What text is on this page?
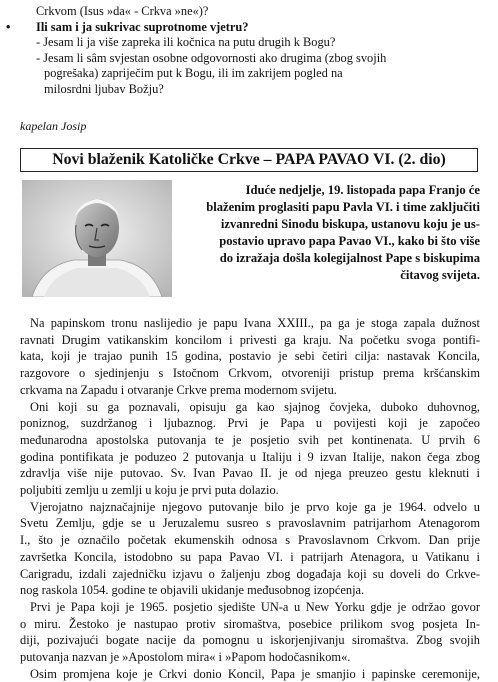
Crkvom (Isus »da« - Crkva »ne«)?
• Ili sam i ja sukrivac suprotnome vjetru?
- Jesam li ja više zapreka ili kočnica na putu drugih k Bogu?
- Jesam li sâm svjestan osobne odgovornosti ako drugima (zbog svojih
pogrešaka) zapriječim put k Bogu, ili im zakrijem pogled na
milosrdni ljubav Božju?
kapelan Josip
Novi blaženik Katoličke Crkve – PAPA PAVAO VI. (2. dio)
Iduće nedjelje, 19. listopada papa Franjo će
blaženim proglasiti papu Pavla VI. i time zaključiti
izvanredni Sinodu biskupa, ustanovu koju je us-
postavio upravo papa Pavao VI., kako bi što više
do izražaja došla kolegijalnost Pape s biskupima
čitavog svijeta.
Na papinskom tronu naslijedio je papu Ivana XXIII., pa ga je stoga zapala dužnost
ravnati Drugim vatikanskim koncilom i privesti ga kraju. Na početku svoga pontifi-
kata, koji je trajao punih 15 godina, postavio je sebi četiri cilja: nastavak Koncila,
razgovore o sjedinjenju s Istočnom Crkvom, otvoreniji pristup prema kršćanskim
crkvama na Zapadu i otvaranje Crkve prema modernom svijetu.
Oni koji su ga poznavali, opisuju ga kao sjajnog čovjeka, duboko duhovnog,
poniznog, suzdržanog i ljubaznog. Prvi je Papa u povijesti koji je započeo
međunarodna apostolska putovanja te je posjetio svih pet kontinenata. U prvih 6
godina pontifikata je poduzeo 2 putovanja u Italiju i 9 izvan Italije, nakon čega zbog
zdravlja više nije putovao. Sv. Ivan Pavao II. je od njega preuzeo gestu kleknuti i
poljubiti zemlju u zemlji u koju je prvi puta dolazio.
Vjerojatno najznačajnije njegovo putovanje bilo je prvo koje ga je 1964. odvelo u
Svetu Zemlju, gdje se u Jeruzalemu susreo s pravoslavnim patrijarhom Atenagorom
I., što je označilo početak ekumenskih odnosa s Pravoslavnom Crkvom. Dan prije
završetka Koncila, istodobno su papa Pavao VI. i patrijarh Atenagora, u Vatikanu i
Carigradu, izdali zajedničku izjavu o žaljenju zbog događaja koji su doveli do Crkve-
nog raskola 1054. godine te objavili ukidanje međusobnog izopćenja.
Prvi je Papa koji je 1965. posjetio sjedište UN-a u New Yorku gdje je održao govor
o miru. Žestoko je nastupao protiv siromaštva, posebice prilikom svog posjeta In-
diji, pozivajući bogate nacije da pomognu u iskorjenjivanju siromaštva. Zbog svojih
putovanja nazvan je »Apostolom mira« i »Papom hodočasnikom«.
Osim promjena koje je Crkvi donio Koncil, Papa je smanjio i papinske ceremonije,
